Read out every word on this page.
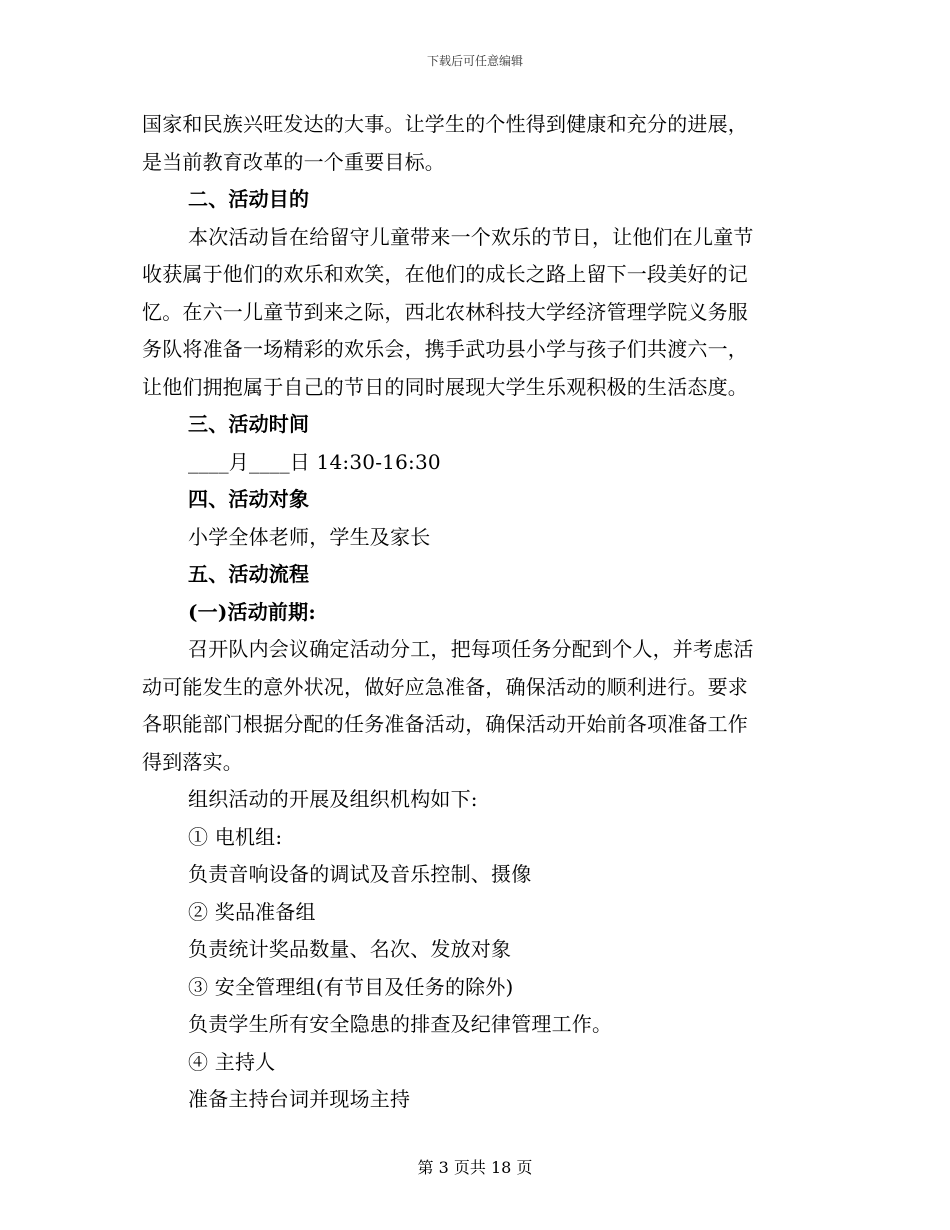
下载后可任意编辑

国家和民族兴旺发达的大事。让学生的个性得到健康和充分的进展，

是当前教育改革的一个重要目标。

二、活动目的

本次活动旨在给留守儿童带来一个欢乐的节日，让他们在儿童节

收获属于他们的欢乐和欢笑，在他们的成长之路上留下一段美好的记

忆。在六一儿童节到来之际，西北农林科技大学经济管理学院义务服

务队将准备一场精彩的欢乐会，携手武功县小学与孩子们共渡六一，

让他们拥抱属于自己的节日的同时展现大学生乐观积极的生活态度。

三、活动时间

____月____日 14:30-16:30

四、活动对象

小学全体老师，学生及家长

五、活动流程

(一)活动前期:

召开队内会议确定活动分工，把每项任务分配到个人，并考虑活

动可能发生的意外状况，做好应急准备，确保活动的顺利进行。要求

各职能部门根据分配的任务准备活动，确保活动开始前各项准备工作

得到落实。

组织活动的开展及组织机构如下:

① 电机组:

负责音响设备的调试及音乐控制、摄像

② 奖品准备组

负责统计奖品数量、名次、发放对象

③ 安全管理组(有节目及任务的除外)

负责学生所有安全隐患的排查及纪律管理工作。

④ 主持人

准备主持台词并现场主持

第 3 页共 18 页
